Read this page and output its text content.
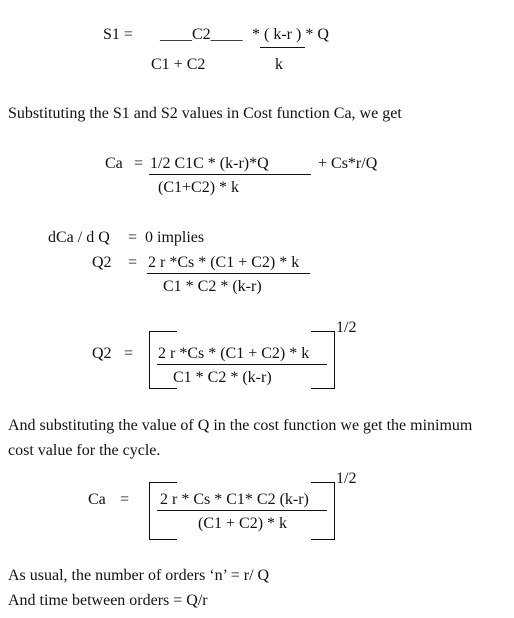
S1 = ____C2____ * ( k-r ) * Q
C1 + C2	k
Substituting the S1 and S2 values in Cost function Ca, we get
Ca = 1/2 C1C * (k-r)*Q	+ Cs*r/Q
(C1+C2) * k
dCa / d Q = 0 implies
Q2 = 2 r *Cs * (C1 + C2) * k
C1 * C2 * (k-r)
Q2 =
1/2
2 r *Cs * (C1 + C2) * k
C1 * C2 * (k-r)
And substituting the value of Q in the cost function we get the minimum
cost value for the cycle.
Ca =
1/2
2 r * Cs * C1* C2 (k-r)
(C1 + C2) * k
As usual, the number of orders ‘n’ = r/ Q
And time between orders = Q/r
